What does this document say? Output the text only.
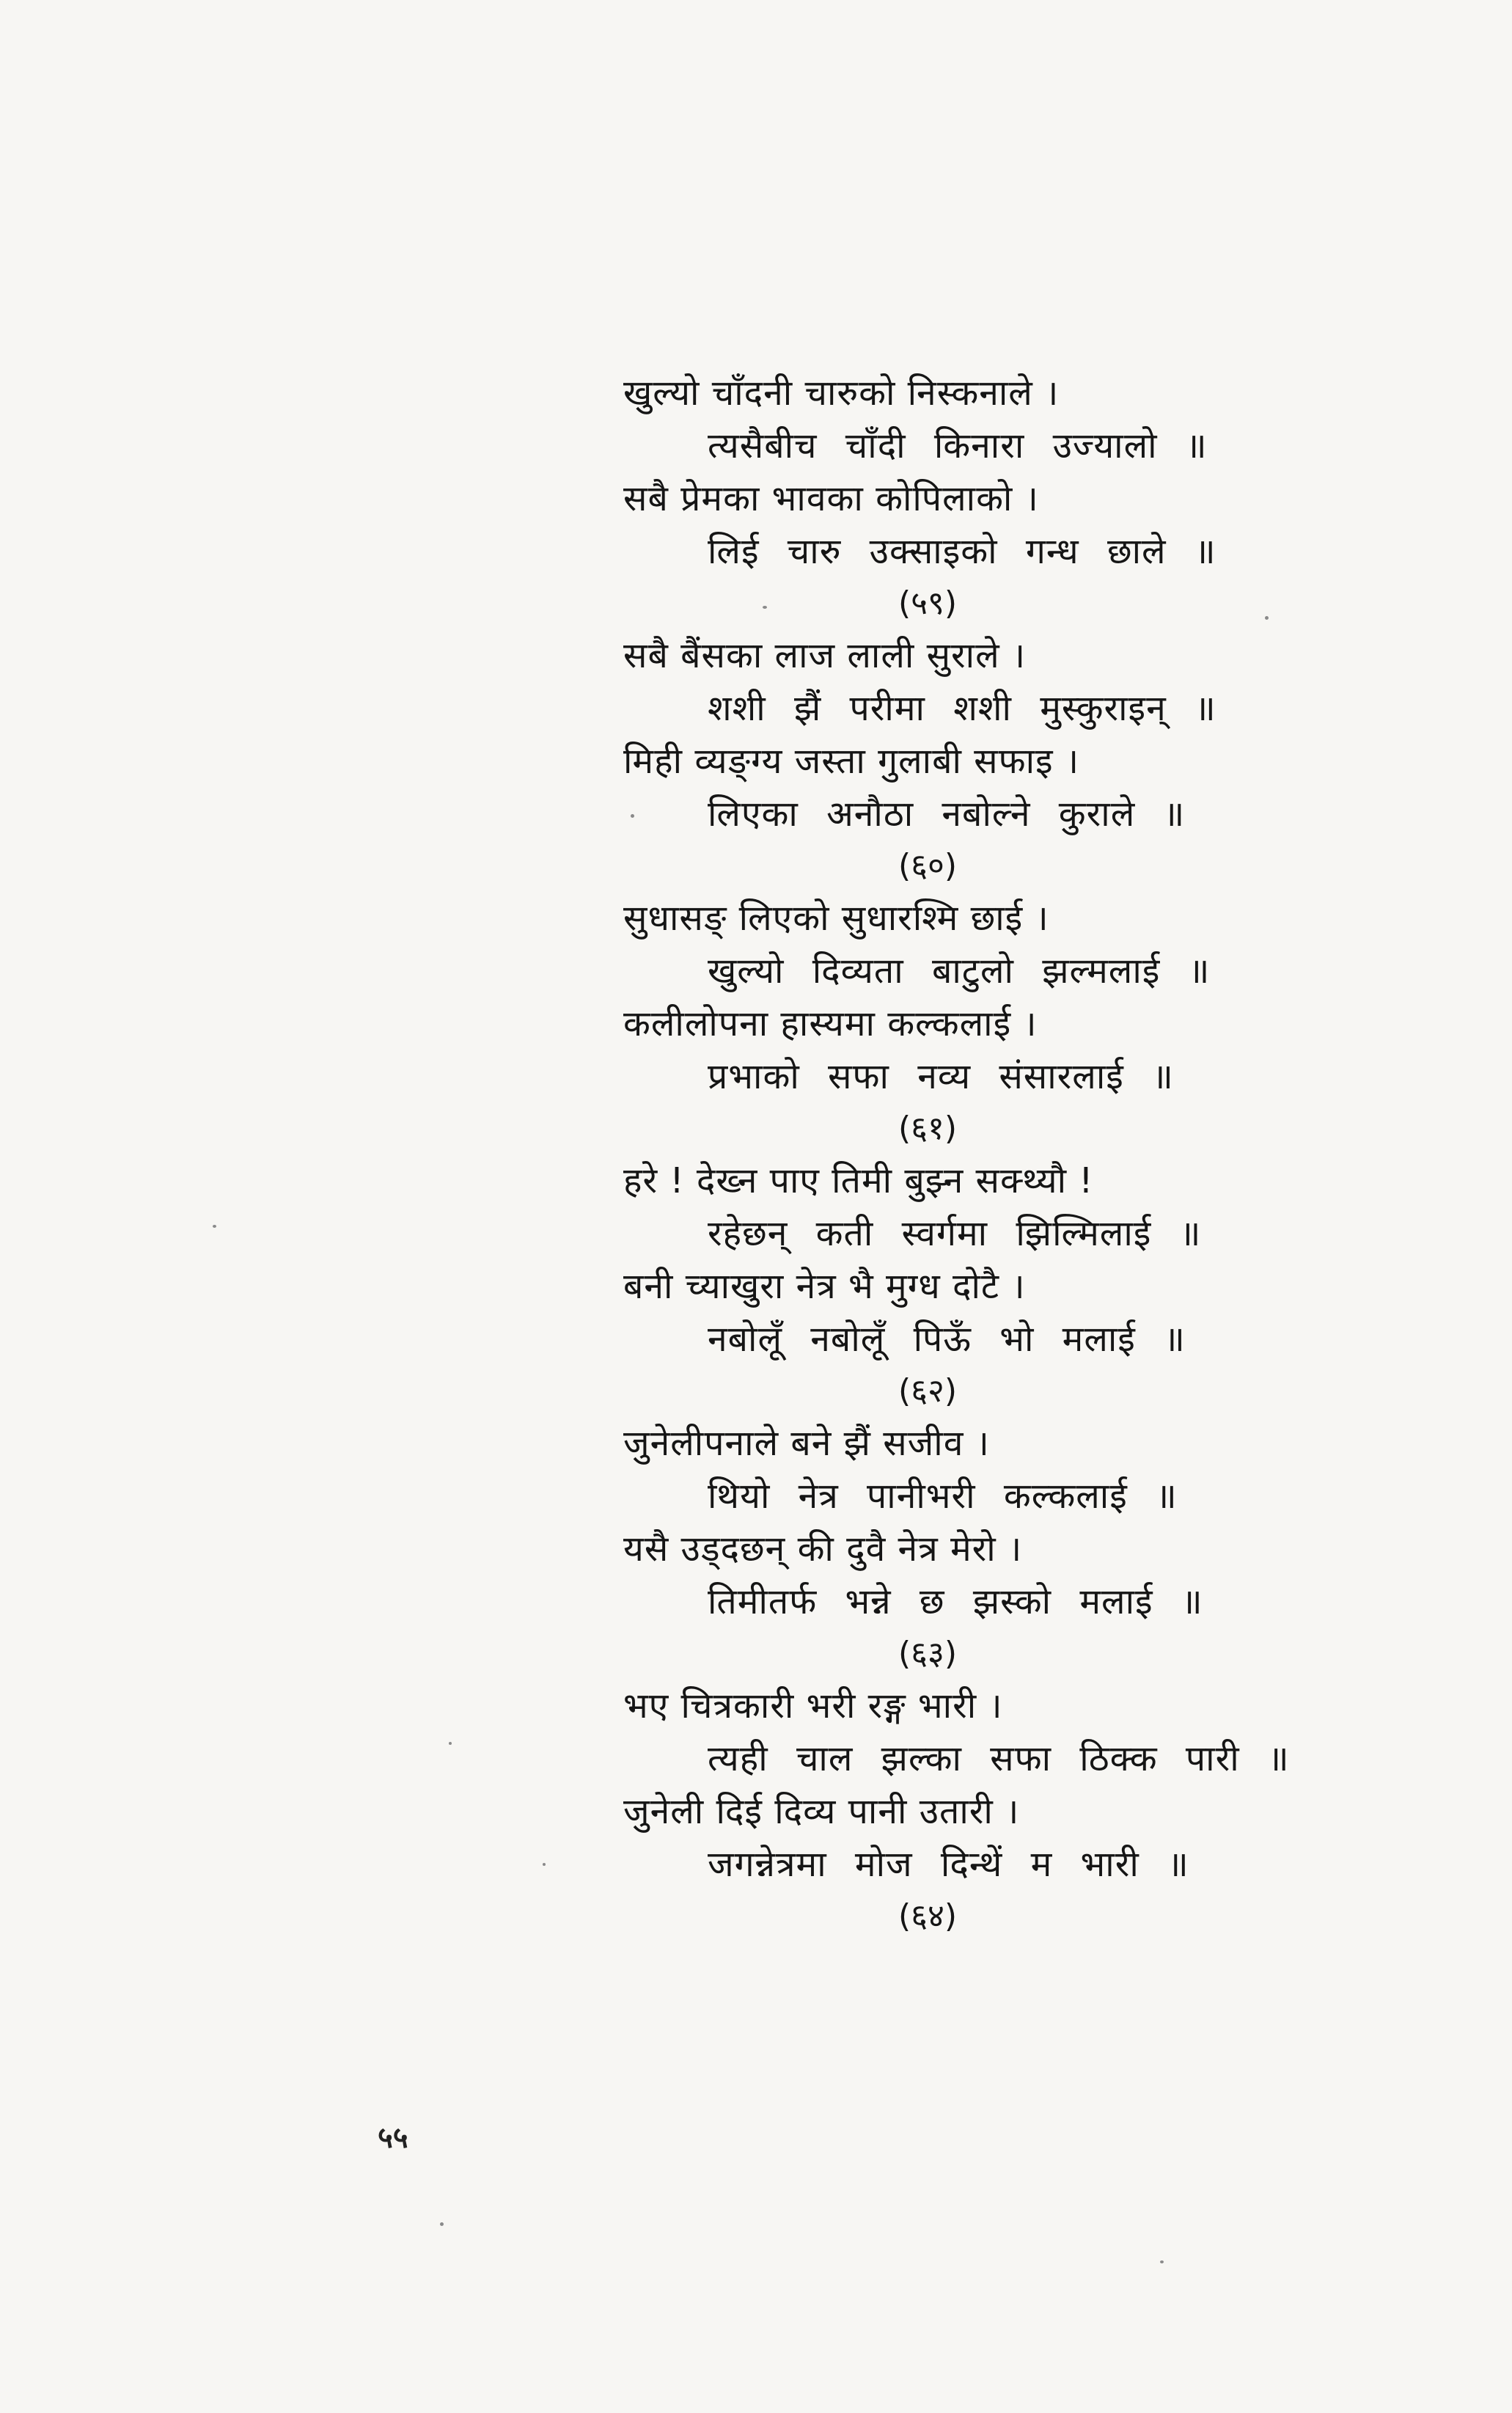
खुल्यो चाँदनी चारुको निस्कनाले ।
त्यसैबीच चाँदी किनारा उज्यालो ॥
सबै प्रेमका भावका कोपिलाको ।
लिई चारु उक्साइको गन्ध छाले ॥
(५९)
सबै बैंसका लाज लाली सुराले ।
शशी झैं परीमा शशी मुस्कुराइन् ॥
मिही व्यङ्ग्य जस्ता गुलाबी सफाइ ।
लिएका अनौठा नबोल्ने कुराले ॥
(६०)
सुधासङ् लिएको सुधारश्मि छाई ।
खुल्यो दिव्यता बाटुलो झल्मलाई ॥
कलीलोपना हास्यमा कल्कलाई ।
प्रभाको सफा नव्य संसारलाई ॥
(६१)
हरे ! देख्न पाए तिमी बुझ्न सक्थ्यौ !
रहेछन् कती स्वर्गमा झिल्मिलाई ॥
बनी च्याखुरा नेत्र भै मुग्ध दोटै ।
नबोलूँ नबोलूँ पिऊँ भो मलाई ॥
(६२)
जुनेलीपनाले बने झैं सजीव ।
थियो नेत्र पानीभरी कल्कलाई ॥
यसै उड्दछन् की दुवै नेत्र मेरो ।
तिमीतर्फ भन्ने छ झस्को मलाई ॥
(६३)
भए चित्रकारी भरी रङ्ग भारी ।
त्यही चाल झल्का सफा ठिक्क पारी ॥
जुनेली दिई दिव्य पानी उतारी ।
जगन्नेत्रमा मोज दिन्थें म भारी ॥
(६४)
५५
